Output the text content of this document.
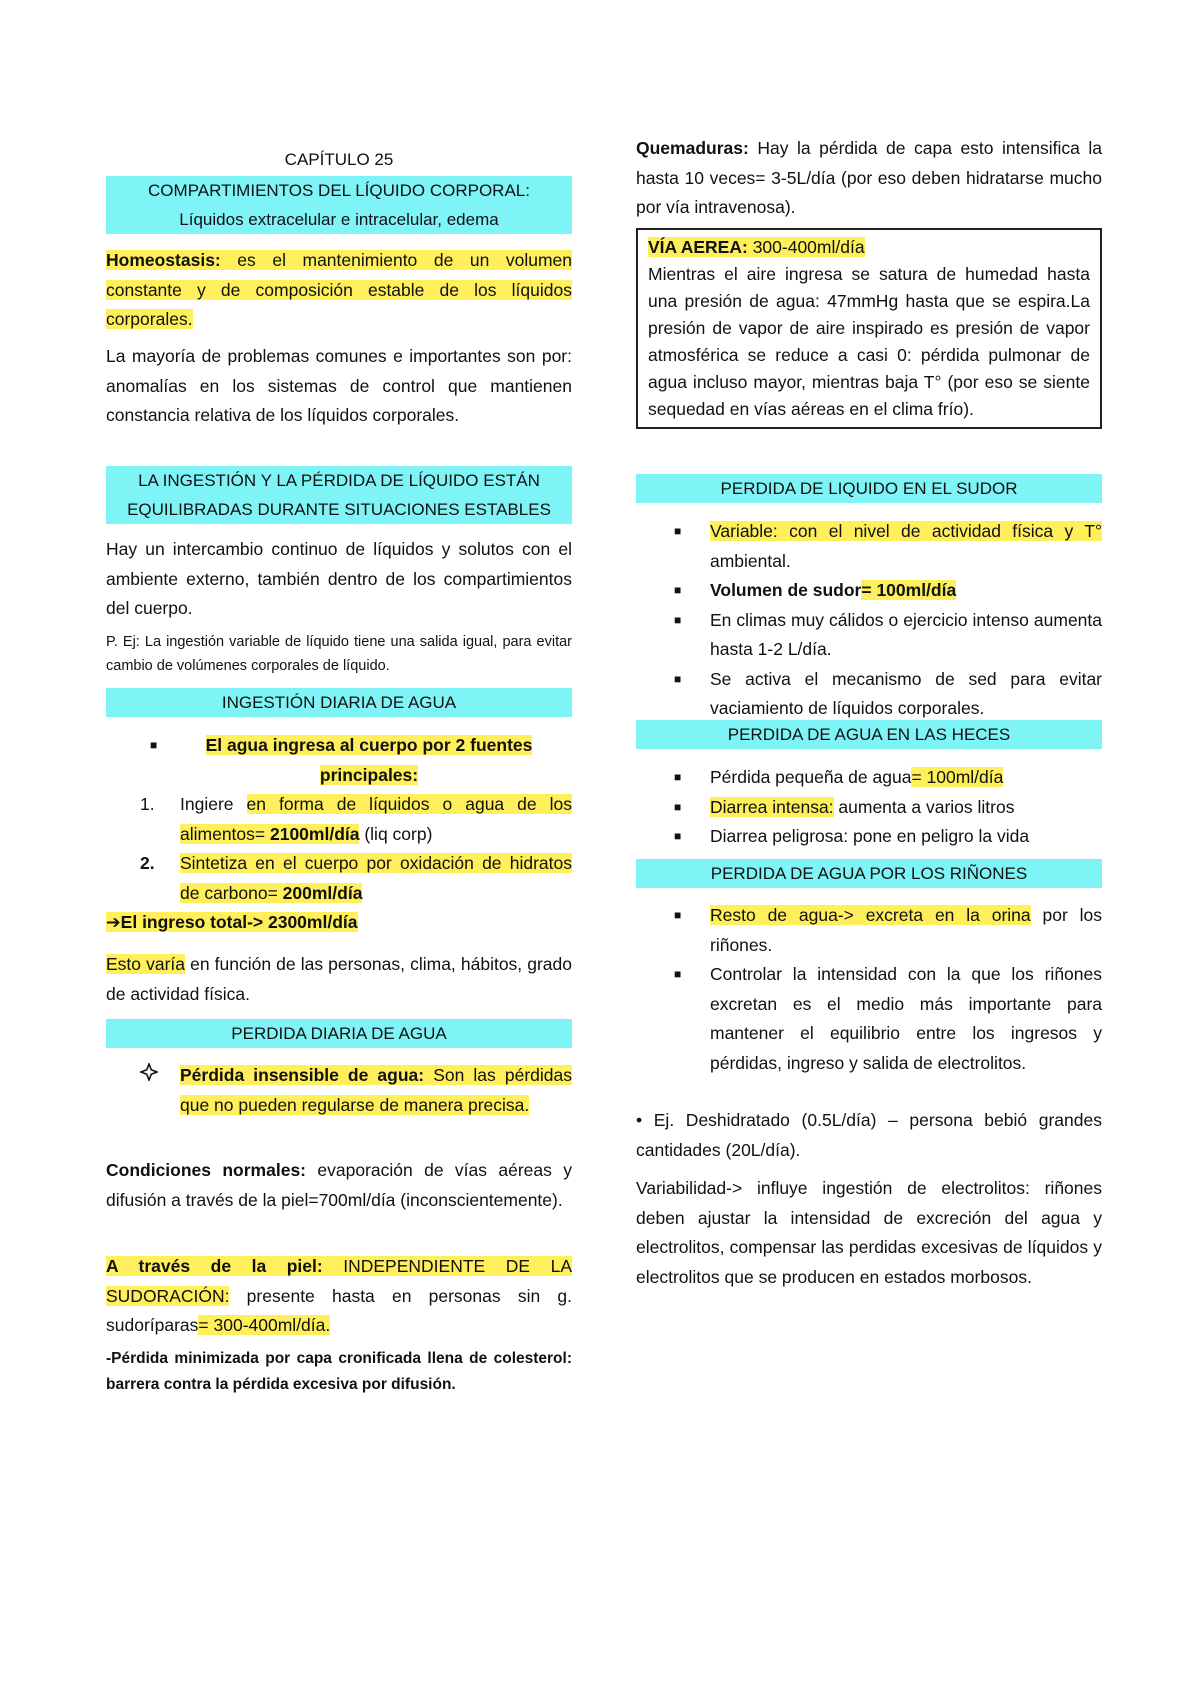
CAPÍTULO 25
COMPARTIMIENTOS DEL LÍQUIDO CORPORAL:
Líquidos extracelular e intracelular, edema

Homeostasis: es el mantenimiento de un volumen constante y de composición estable de los líquidos corporales.

La mayoría de problemas comunes e importantes son por: anomalías en los sistemas de control que mantienen constancia relativa de los líquidos corporales.

LA INGESTIÓN Y LA PÉRDIDA DE LÍQUIDO ESTÁN
EQUILIBRADAS DURANTE SITUACIONES ESTABLES

Hay un intercambio continuo de líquidos y solutos con el ambiente externo, también dentro de los compartimientos del cuerpo.

P. Ej: La ingestión variable de líquido tiene una salida igual, para evitar cambio de volúmenes corporales de líquido.

INGESTIÓN DIARIA DE AGUA
■	El agua ingresa al cuerpo por 2 fuentes principales:
1. Ingiere en forma de líquidos o agua de los alimentos= 2100ml/día (liq corp)
2. Sintetiza en el cuerpo por oxidación de hidratos de carbono= 200ml/día

➔El ingreso total-> 2300ml/día

Esto varía en función de las personas, clima, hábitos, grado de actividad física.

PERDIDA DIARIA DE AGUA
Pérdida insensible de agua: Son las pérdidas que no pueden regularse de manera precisa.

Condiciones normales: evaporación de vías aéreas y difusión a través de la piel=700ml/día (inconscientemente).

A través de la piel: INDEPENDIENTE DE LA SUDORACIÓN: presente hasta en personas sin g. sudoríparas= 300-400ml/día.

-Pérdida minimizada por capa cronificada llena de colesterol: barrera contra la pérdida excesiva por difusión.

Quemaduras: Hay la pérdida de capa esto intensifica la hasta 10 veces= 3-5L/día (por eso deben hidratarse mucho por vía intravenosa).

VÍA AEREA: 300-400ml/día
Mientras el aire ingresa se satura de humedad hasta una presión de agua: 47mmHg hasta que se espira.La presión de vapor de aire inspirado es presión de vapor atmosférica se reduce a casi 0: pérdida pulmonar de agua incluso mayor, mientras baja T° (por eso se siente sequedad en vías aéreas en el clima frío).
PERDIDA DE LIQUIDO EN EL SUDOR
■ Variable: con el nivel de actividad física y T° ambiental.
■ Volumen de sudor= 100ml/día
■ En climas muy cálidos o ejercicio intenso aumenta hasta 1-2 L/día.
■ Se activa el mecanismo de sed para evitar vaciamiento de líquidos corporales.
PERDIDA DE AGUA EN LAS HECES
■ Pérdida pequeña de agua= 100ml/día
■ Diarrea intensa: aumenta a varios litros
■ Diarrea peligrosa: pone en peligro la vida
PERDIDA DE AGUA POR LOS RIÑONES
■ Resto de agua-> excreta en la orina por los riñones.
■ Controlar la intensidad con la que los riñones excretan es el medio más importante para mantener el equilibrio entre los ingresos y pérdidas, ingreso y salida de electrolitos.

• Ej. Deshidratado (0.5L/día) – persona bebió grandes cantidades (20L/día).

Variabilidad-> influye ingestión de electrolitos: riñones deben ajustar la intensidad de excreción del agua y electrolitos, compensar las perdidas excesivas de líquidos y electrolitos que se producen en estados morbosos.
